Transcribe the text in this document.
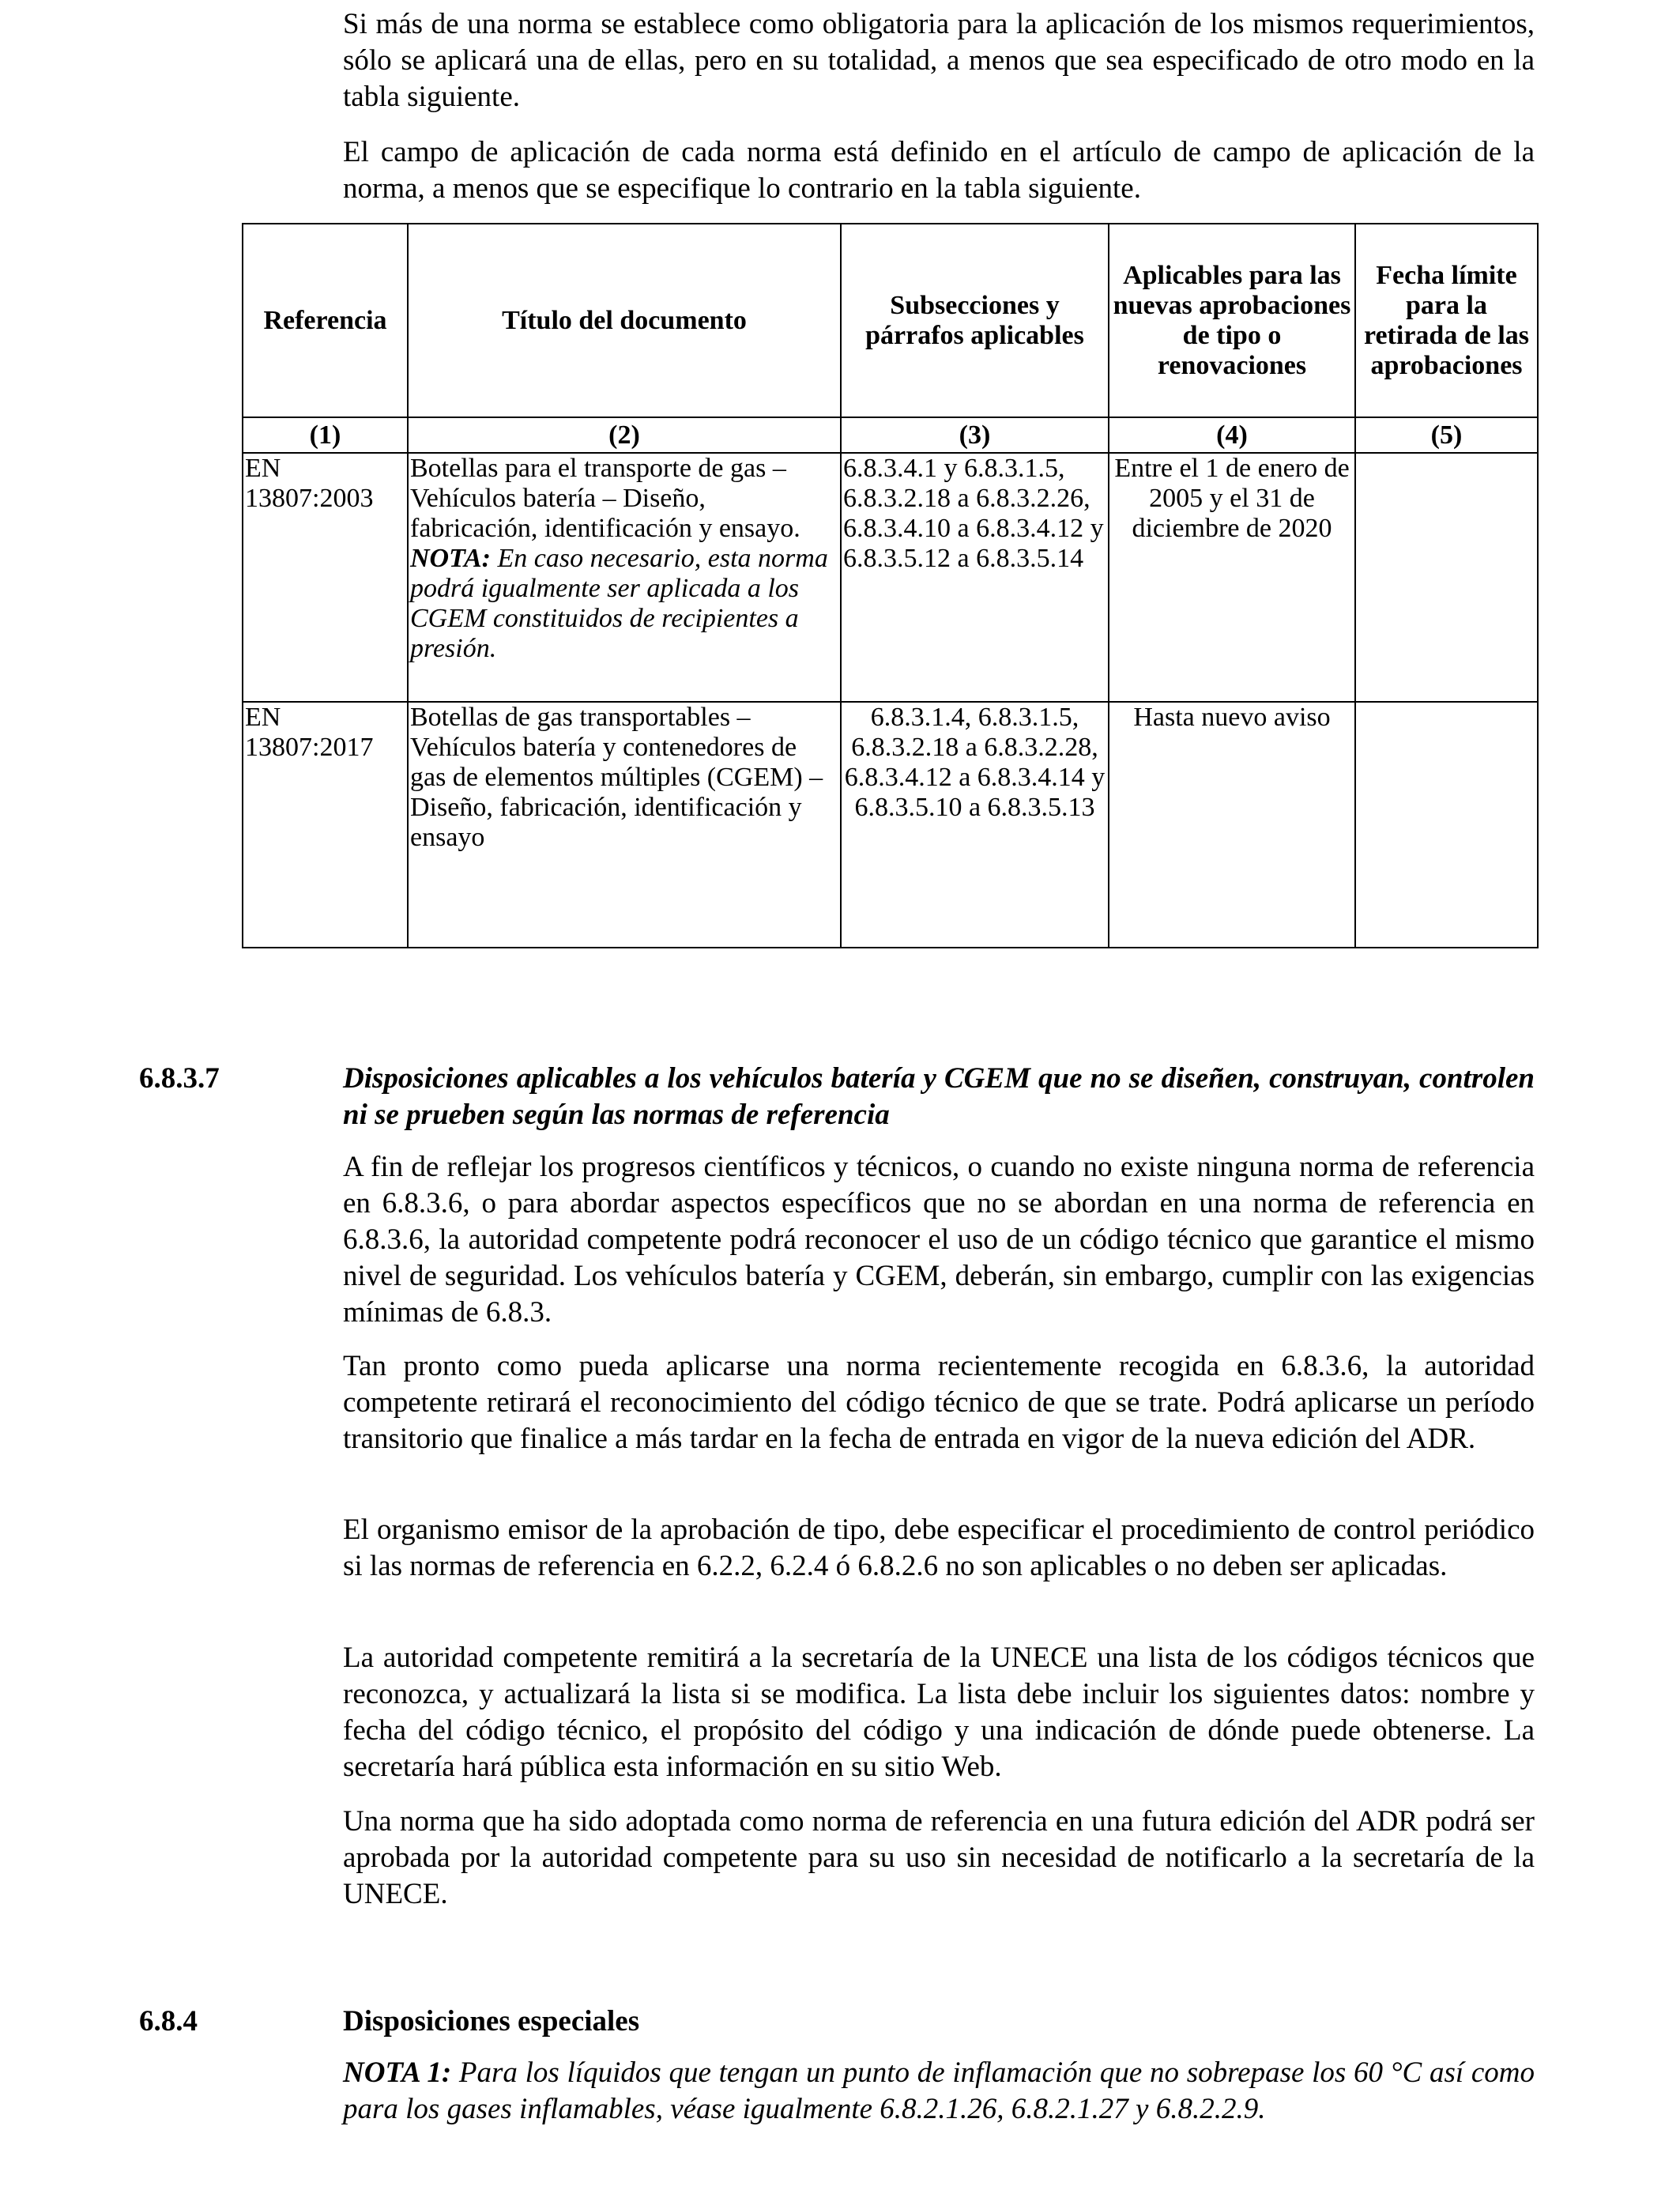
Si más de una norma se establece como obligatoria para la aplicación de los mismos requerimientos, sólo se aplicará una de ellas, pero en su totalidad, a menos que sea especificado de otro modo en la tabla siguiente.

El campo de aplicación de cada norma está definido en el artículo de campo de aplicación de la norma, a menos que se especifique lo contrario en la tabla siguiente.

Referencia	Título del documento	Subsecciones y párrafos aplicables	Aplicables para las nuevas aprobaciones de tipo o renovaciones	Fecha límite para la retirada de las aprobaciones
(1)	(2)	(3)	(4)	(5)
EN 13807:2003	Botellas para el transporte de gas – Vehículos batería – Diseño, fabricación, identificación y ensayo. NOTA: En caso necesario, esta norma podrá igualmente ser aplicada a los CGEM constituidos de recipientes a presión.	6.8.3.4.1 y 6.8.3.1.5, 6.8.3.2.18 a 6.8.3.2.26, 6.8.3.4.10 a 6.8.3.4.12 y 6.8.3.5.12 a 6.8.3.5.14	Entre el 1 de enero de 2005 y el 31 de diciembre de 2020	
EN 13807:2017	Botellas de gas transportables – Vehículos batería y contenedores de gas de elementos múltiples (CGEM) – Diseño, fabricación, identificación y ensayo	6.8.3.1.4, 6.8.3.1.5, 6.8.3.2.18 a 6.8.3.2.28, 6.8.3.4.12 a 6.8.3.4.14 y 6.8.3.5.10 a 6.8.3.5.13	Hasta nuevo aviso	
6.8.3.7	Disposiciones aplicables a los vehículos batería y CGEM que no se diseñen, construyan, controlen ni se prueben según las normas de referencia

A fin de reflejar los progresos científicos y técnicos, o cuando no existe ninguna norma de referencia en 6.8.3.6, o para abordar aspectos específicos que no se abordan en una norma de referencia en 6.8.3.6, la autoridad competente podrá reconocer el uso de un código técnico que garantice el mismo nivel de seguridad. Los vehículos batería y CGEM, deberán, sin embargo, cumplir con las exigencias mínimas de 6.8.3.

Tan pronto como pueda aplicarse una norma recientemente recogida en 6.8.3.6, la autoridad competente retirará el reconocimiento del código técnico de que se trate. Podrá aplicarse un período transitorio que finalice a más tardar en la fecha de entrada en vigor de la nueva edición del ADR.

El organismo emisor de la aprobación de tipo, debe especificar el procedimiento de control periódico si las normas de referencia en 6.2.2, 6.2.4 ó 6.8.2.6 no son aplicables o no deben ser aplicadas.

La autoridad competente remitirá a la secretaría de la UNECE una lista de los códigos técnicos que reconozca, y actualizará la lista si se modifica. La lista debe incluir los siguientes datos: nombre y fecha del código técnico, el propósito del código y una indicación de dónde puede obtenerse. La secretaría hará pública esta información en su sitio Web.

Una norma que ha sido adoptada como norma de referencia en una futura edición del ADR podrá ser aprobada por la autoridad competente para su uso sin necesidad de notificarlo a la secretaría de la UNECE.

6.8.4	Disposiciones especiales

NOTA 1: Para los líquidos que tengan un punto de inflamación que no sobrepase los 60 °C así como para los gases inflamables, véase igualmente 6.8.2.1.26, 6.8.2.1.27 y 6.8.2.2.9.
